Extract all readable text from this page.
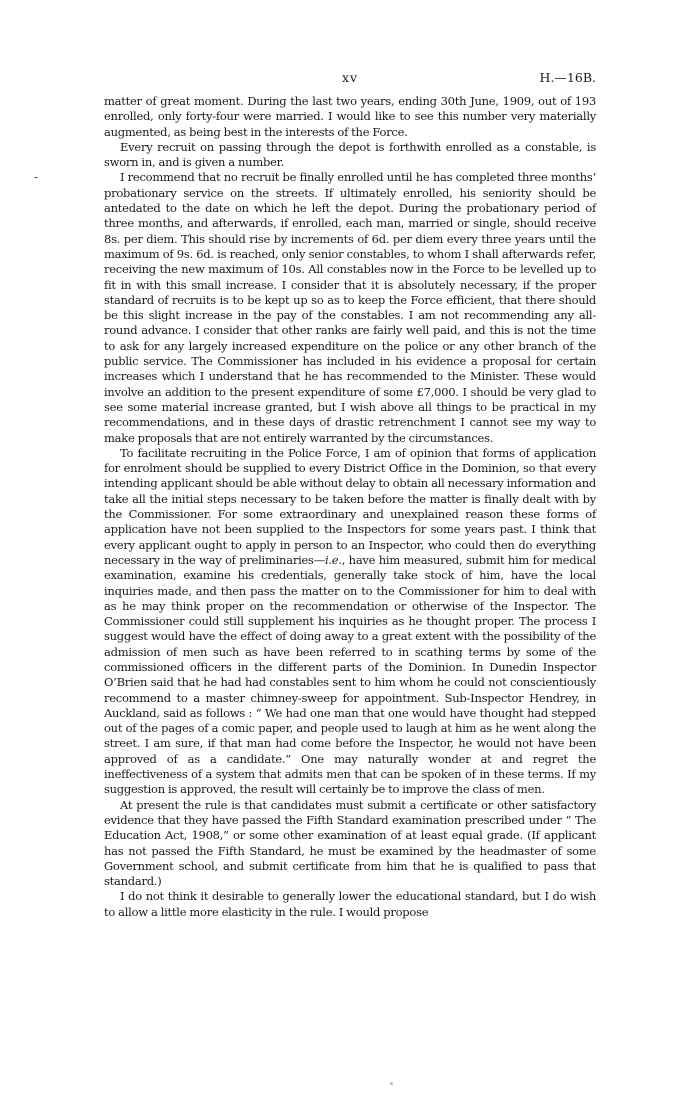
xv	H.—16B.
-

matter of great moment. During the last two years, ending 30th June, 1909, out of 193 enrolled, only forty-four were married. I would like to see this number very materially augmented, as being best in the interests of the Force.

Every recruit on passing through the depot is forthwith enrolled as a constable, is sworn in, and is given a number.

I recommend that no recruit be finally enrolled until he has completed three months’ probationary service on the streets. If ultimately enrolled, his seniority should be antedated to the date on which he left the depot. During the probationary period of three months, and afterwards, if enrolled, each man, married or single, should receive 8s. per diem. This should rise by increments of 6d. per diem every three years until the maximum of 9s. 6d. is reached, only senior constables, to whom I shall afterwards refer, receiving the new maximum of 10s. All constables now in the Force to be levelled up to fit in with this small increase. I consider that it is absolutely necessary, if the proper standard of recruits is to be kept up so as to keep the Force efficient, that there should be this slight increase in the pay of the constables. I am not recommending any all-round advance. I consider that other ranks are fairly well paid, and this is not the time to ask for any largely increased expenditure on the police or any other branch of the public service. The Commissioner has included in his evidence a proposal for certain increases which I understand that he has recommended to the Minister. These would involve an addition to the present expenditure of some £7,000. I should be very glad to see some material increase granted, but I wish above all things to be practical in my recommendations, and in these days of drastic retrenchment I cannot see my way to make proposals that are not entirely warranted by the circumstances.

To facilitate recruiting in the Police Force, I am of opinion that forms of application for enrolment should be supplied to every District Office in the Dominion, so that every intending applicant should be able without delay to obtain all necessary information and take all the initial steps necessary to be taken before the matter is finally dealt with by the Commissioner. For some extraordinary and unexplained reason these forms of application have not been supplied to the Inspectors for some years past. I think that every applicant ought to apply in person to an Inspector, who could then do everything necessary in the way of preliminaries—i.e., have him measured, submit him for medical examination, examine his credentials, generally take stock of him, have the local inquiries made, and then pass the matter on to the Commissioner for him to deal with as he may think proper on the recommendation or otherwise of the Inspector. The Commissioner could still supplement his inquiries as he thought proper. The process I suggest would have the effect of doing away to a great extent with the possibility of the admission of men such as have been referred to in scathing terms by some of the commissioned officers in the different parts of the Dominion. In Dunedin Inspector O’Brien said that he had had constables sent to him whom he could not conscientiously recommend to a master chimney-sweep for appointment. Sub-Inspector Hendrey, in Auckland, said as follows : “ We had one man that one would have thought had stepped out of the pages of a comic paper, and people used to laugh at him as he went along the street. I am sure, if that man had come before the Inspector, he would not have been approved of as a candidate.” One may naturally wonder at and regret the ineffectiveness of a system that admits men that can be spoken of in these terms. If my suggestion is approved, the result will certainly be to improve the class of men.

At present the rule is that candidates must submit a certificate or other satisfactory evidence that they have passed the Fifth Standard examination prescribed under “ The Education Act, 1908,” or some other examination of at least equal grade. (If applicant has not passed the Fifth Standard, he must be examined by the headmaster of some Government school, and submit certificate from him that he is qualified to pass that standard.)

I do not think it desirable to generally lower the educational standard, but I do wish to allow a little more elasticity in the rule. I would propose
